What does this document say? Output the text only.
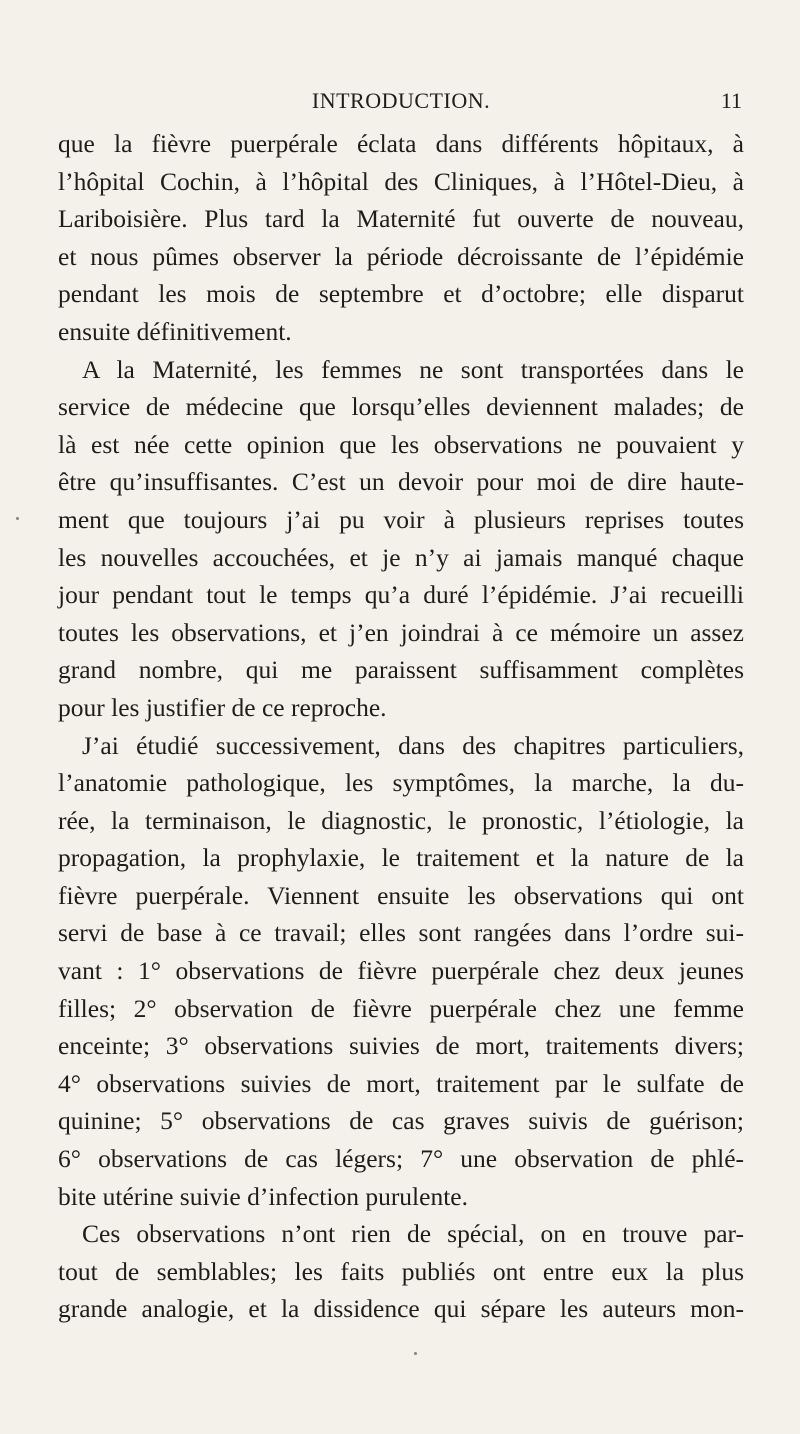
INTRODUCTION.	11
que la fièvre puerpérale éclata dans différents hôpitaux, à
l’hôpital Cochin, à l’hôpital des Cliniques, à l’Hôtel-Dieu, à
Lariboisière. Plus tard la Maternité fut ouverte de nouveau,
et nous pûmes observer la période décroissante de l’épidémie
pendant les mois de septembre et d’octobre; elle disparut
ensuite définitivement.
A la Maternité, les femmes ne sont transportées dans le
service de médecine que lorsqu’elles deviennent malades; de
là est née cette opinion que les observations ne pouvaient y
être qu’insuffisantes. C’est un devoir pour moi de dire haute-
ment que toujours j’ai pu voir à plusieurs reprises toutes
les nouvelles accouchées, et je n’y ai jamais manqué chaque
jour pendant tout le temps qu’a duré l’épidémie. J’ai recueilli
toutes les observations, et j’en joindrai à ce mémoire un assez
grand nombre, qui me paraissent suffisamment complètes
pour les justifier de ce reproche.
J’ai étudié successivement, dans des chapitres particuliers,
l’anatomie pathologique, les symptômes, la marche, la du-
rée, la terminaison, le diagnostic, le pronostic, l’étiologie, la
propagation, la prophylaxie, le traitement et la nature de la
fièvre puerpérale. Viennent ensuite les observations qui ont
servi de base à ce travail; elles sont rangées dans l’ordre sui-
vant : 1° observations de fièvre puerpérale chez deux jeunes
filles; 2° observation de fièvre puerpérale chez une femme
enceinte; 3° observations suivies de mort, traitements divers;
4° observations suivies de mort, traitement par le sulfate de
quinine; 5° observations de cas graves suivis de guérison;
6° observations de cas légers; 7° une observation de phlé-
bite utérine suivie d’infection purulente.
Ces observations n’ont rien de spécial, on en trouve par-
tout de semblables; les faits publiés ont entre eux la plus
grande analogie, et la dissidence qui sépare les auteurs mon-
